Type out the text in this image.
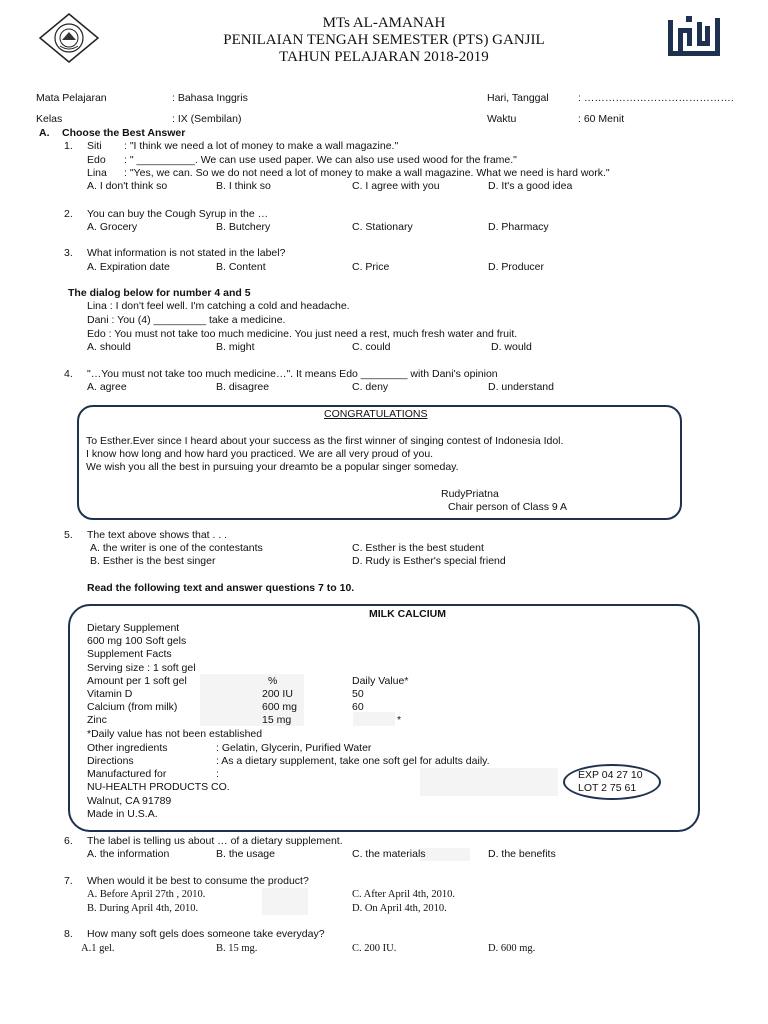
MTs AL-AMANAH
PENILAIAN TENGAH SEMESTER (PTS) GANJIL
TAHUN PELAJARAN 2018-2019
Mata Pelajaran	: Bahasa Inggris	Hari, Tanggal	: …………………………………….
Kelas	: IX (Sembilan)	Waktu	: 60 Menit
A. Choose the Best Answer
1. Siti : "I think we need a lot of money to make a wall magazine."
Edo : " __________. We can use used paper. We can also use used wood for the frame."
Lina : "Yes, we can. So we do not need a lot of money to make a wall magazine. What we need is hard work."
A. I don't think so	B. I think so	C. I agree with you	D. It's a good idea
2. You can buy the Cough Syrup in the …
A. Grocery	B. Butchery	C. Stationary	D. Pharmacy
3. What information is not stated in the label?
A. Expiration date	B. Content	C. Price	D. Producer
The dialog below for number 4 and 5
Lina : I don't feel well. I'm catching a cold and headache.
Dani : You (4) _________ take a medicine.
Edo : You must not take too much medicine. You just need a rest, much fresh water and fruit.
A. should	B. might	C. could	D. would
4. "…You must not take too much medicine…". It means Edo ________ with Dani's opinion
A. agree	B. disagree	C. deny	D. understand
CONGRATULATIONS
To Esther.Ever since I heard about your success as the first winner of singing contest of Indonesia Idol.
I know how long and how hard you practiced. We are all very proud of you.
We wish you all the best in pursuing your dreamto be a popular singer someday.
RudyPriatna
Chair person of Class 9 A
5. The text above shows that . . .
A. the writer is one of the contestants
B. Esther is the best singer
C. Esther is the best student
D. Rudy is Esther's special friend
Read the following text and answer questions 7 to 10.
MILK CALCIUM
Dietary Supplement
600 mg 100 Soft gels
Supplement Facts
Serving size : 1 soft gel
Amount per 1 soft gel	%	Daily Value*
Vitamin D	200 IU	50
Calcium (from milk)	600 mg	60
Zinc	15 mg	*
*Daily value has not been established
Other ingredients	: Gelatin, Glycerin, Purified Water
Directions	: As a dietary supplement, take one soft gel for adults daily.
Manufactured for	:
NU-HEALTH PRODUCTS CO.
Walnut, CA 91789
Made in U.S.A.
EXP 04 27 10
LOT 2 75 61
6. The label is telling us about … of a dietary supplement.
A. the information	B. the usage	C. the materials	D. the benefits
7. When would it be best to consume the product?
A. Before April 27th , 2010.
B. During April 4th, 2010.
C. After April 4th, 2010.
D. On April 4th, 2010.
8. How many soft gels does someone take everyday?
A.1 gel.	B. 15 mg.	C. 200 IU.	D. 600 mg.
